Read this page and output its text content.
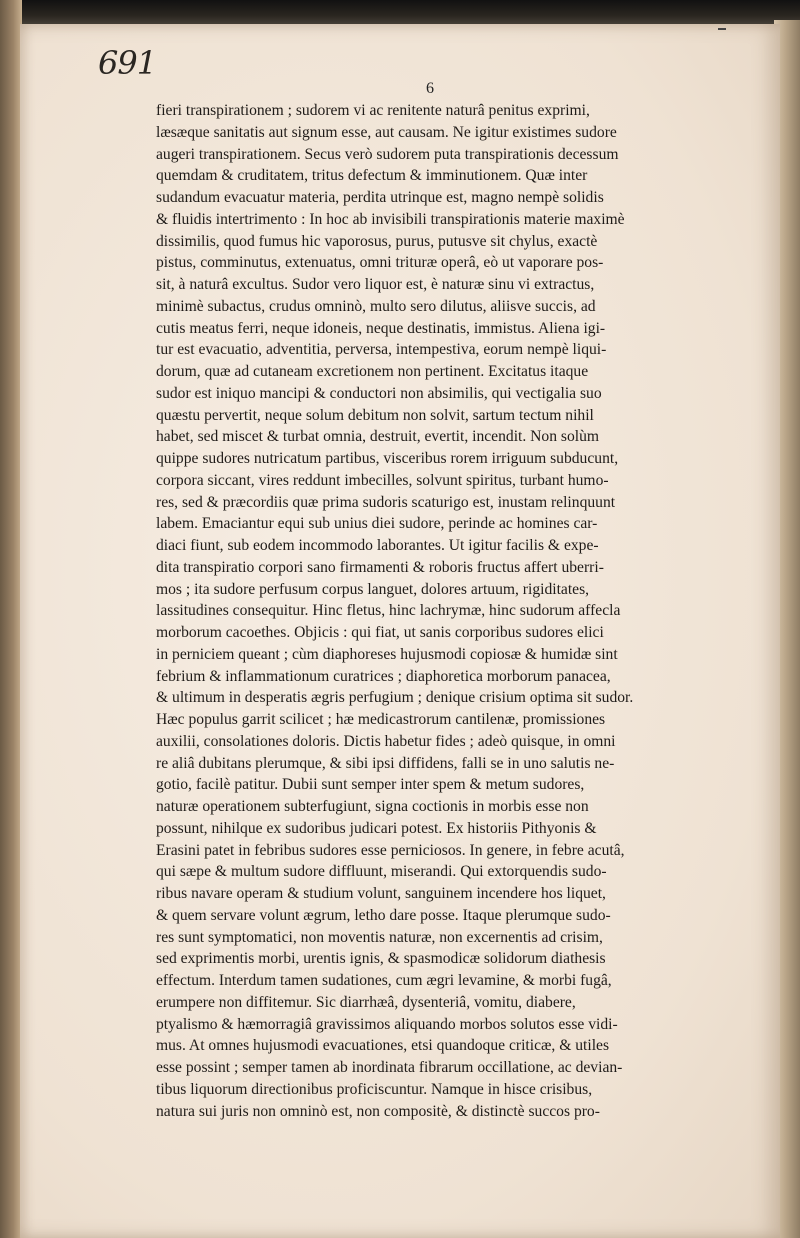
691
6
fieri transpirationem ; sudorem vi ac renitente naturâ penitus exprimi,
læsæque sanitatis aut signum esse, aut causam. Ne igitur existimes sudore
augeri transpirationem. Secus verò sudorem puta transpirationis decessum
quemdam & cruditatem, tritus defectum & imminutionem. Quæ inter
sudandum evacuatur materia, perdita utrinque est, magno nempè solidis
& fluidis intertrimento : In hoc ab invisibili transpirationis materie maximè
dissimilis, quod fumus hic vaporosus, purus, putusve sit chylus, exactè
pistus, comminutus, extenuatus, omni trituræ operâ, eò ut vaporare pos-
sit, à naturâ excultus. Sudor vero liquor est, è naturæ sinu vi extractus,
minimè subactus, crudus omninò, multo sero dilutus, aliisve succis, ad
cutis meatus ferri, neque idoneis, neque destinatis, immistus. Aliena igi-
tur est evacuatio, adventitia, perversa, intempestiva, eorum nempè liqui-
dorum, quæ ad cutaneam excretionem non pertinent. Excitatus itaque
sudor est iniquo mancipi & conductori non absimilis, qui vectigalia suo
quæstu pervertit, neque solum debitum non solvit, sartum tectum nihil
habet, sed miscet & turbat omnia, destruit, evertit, incendit. Non solùm
quippe sudores nutricatum partibus, visceribus rorem irriguum subducunt,
corpora siccant, vires reddunt imbecilles, solvunt spiritus, turbant humo-
res, sed & præcordiis quæ prima sudoris scaturigo est, inustam relinquunt
labem. Emaciantur equi sub unius diei sudore, perinde ac homines car-
diaci fiunt, sub eodem incommodo laborantes. Ut igitur facilis & expe-
dita transpiratio corpori sano firmamenti & roboris fructus affert uberri-
mos ; ita sudore perfusum corpus languet, dolores artuum, rigiditates,
lassitudines consequitur. Hinc fletus, hinc lachrymæ, hinc sudorum affecla
morborum cacoethes. Objicis : qui fiat, ut sanis corporibus sudores elici
in perniciem queant ; cùm diaphoreses hujusmodi copiosæ & humidæ sint
febrium & inflammationum curatrices ; diaphoretica morborum panacea,
& ultimum in desperatis ægris perfugium ; denique crisium optima sit sudor.
Hæc populus garrit scilicet ; hæ medicastrorum cantilenæ, promissiones
auxilii, consolationes doloris. Dictis habetur fides ; adeò quisque, in omni
re aliâ dubitans plerumque, & sibi ipsi diffidens, falli se in uno salutis ne-
gotio, facilè patitur. Dubii sunt semper inter spem & metum sudores,
naturæ operationem subterfugiunt, signa coctionis in morbis esse non
possunt, nihilque ex sudoribus judicari potest. Ex historiis Pithyonis &
Erasini patet in febribus sudores esse perniciosos. In genere, in febre acutâ,
qui sæpe & multum sudore diffluunt, miserandi. Qui extorquendis sudo-
ribus navare operam & studium volunt, sanguinem incendere hos liquet,
& quem servare volunt ægrum, letho dare posse. Itaque plerumque sudo-
res sunt symptomatici, non moventis naturæ, non excernentis ad crisim,
sed exprimentis morbi, urentis ignis, & spasmodicæ solidorum diathesis
effectum. Interdum tamen sudationes, cum ægri levamine, & morbi fugâ,
erumpere non diffitemur. Sic diarrhæâ, dysenteriâ, vomitu, diabere,
ptyalismo & hæmorragiâ gravissimos aliquando morbos solutos esse vidi-
mus. At omnes hujusmodi evacuationes, etsi quandoque criticæ, & utiles
esse possint ; semper tamen ab inordinata fibrarum occillatione, ac devian-
tibus liquorum directionibus proficiscuntur. Namque in hisce crisibus,
natura sui juris non omninò est, non compositè, & distinctè succos pro-
